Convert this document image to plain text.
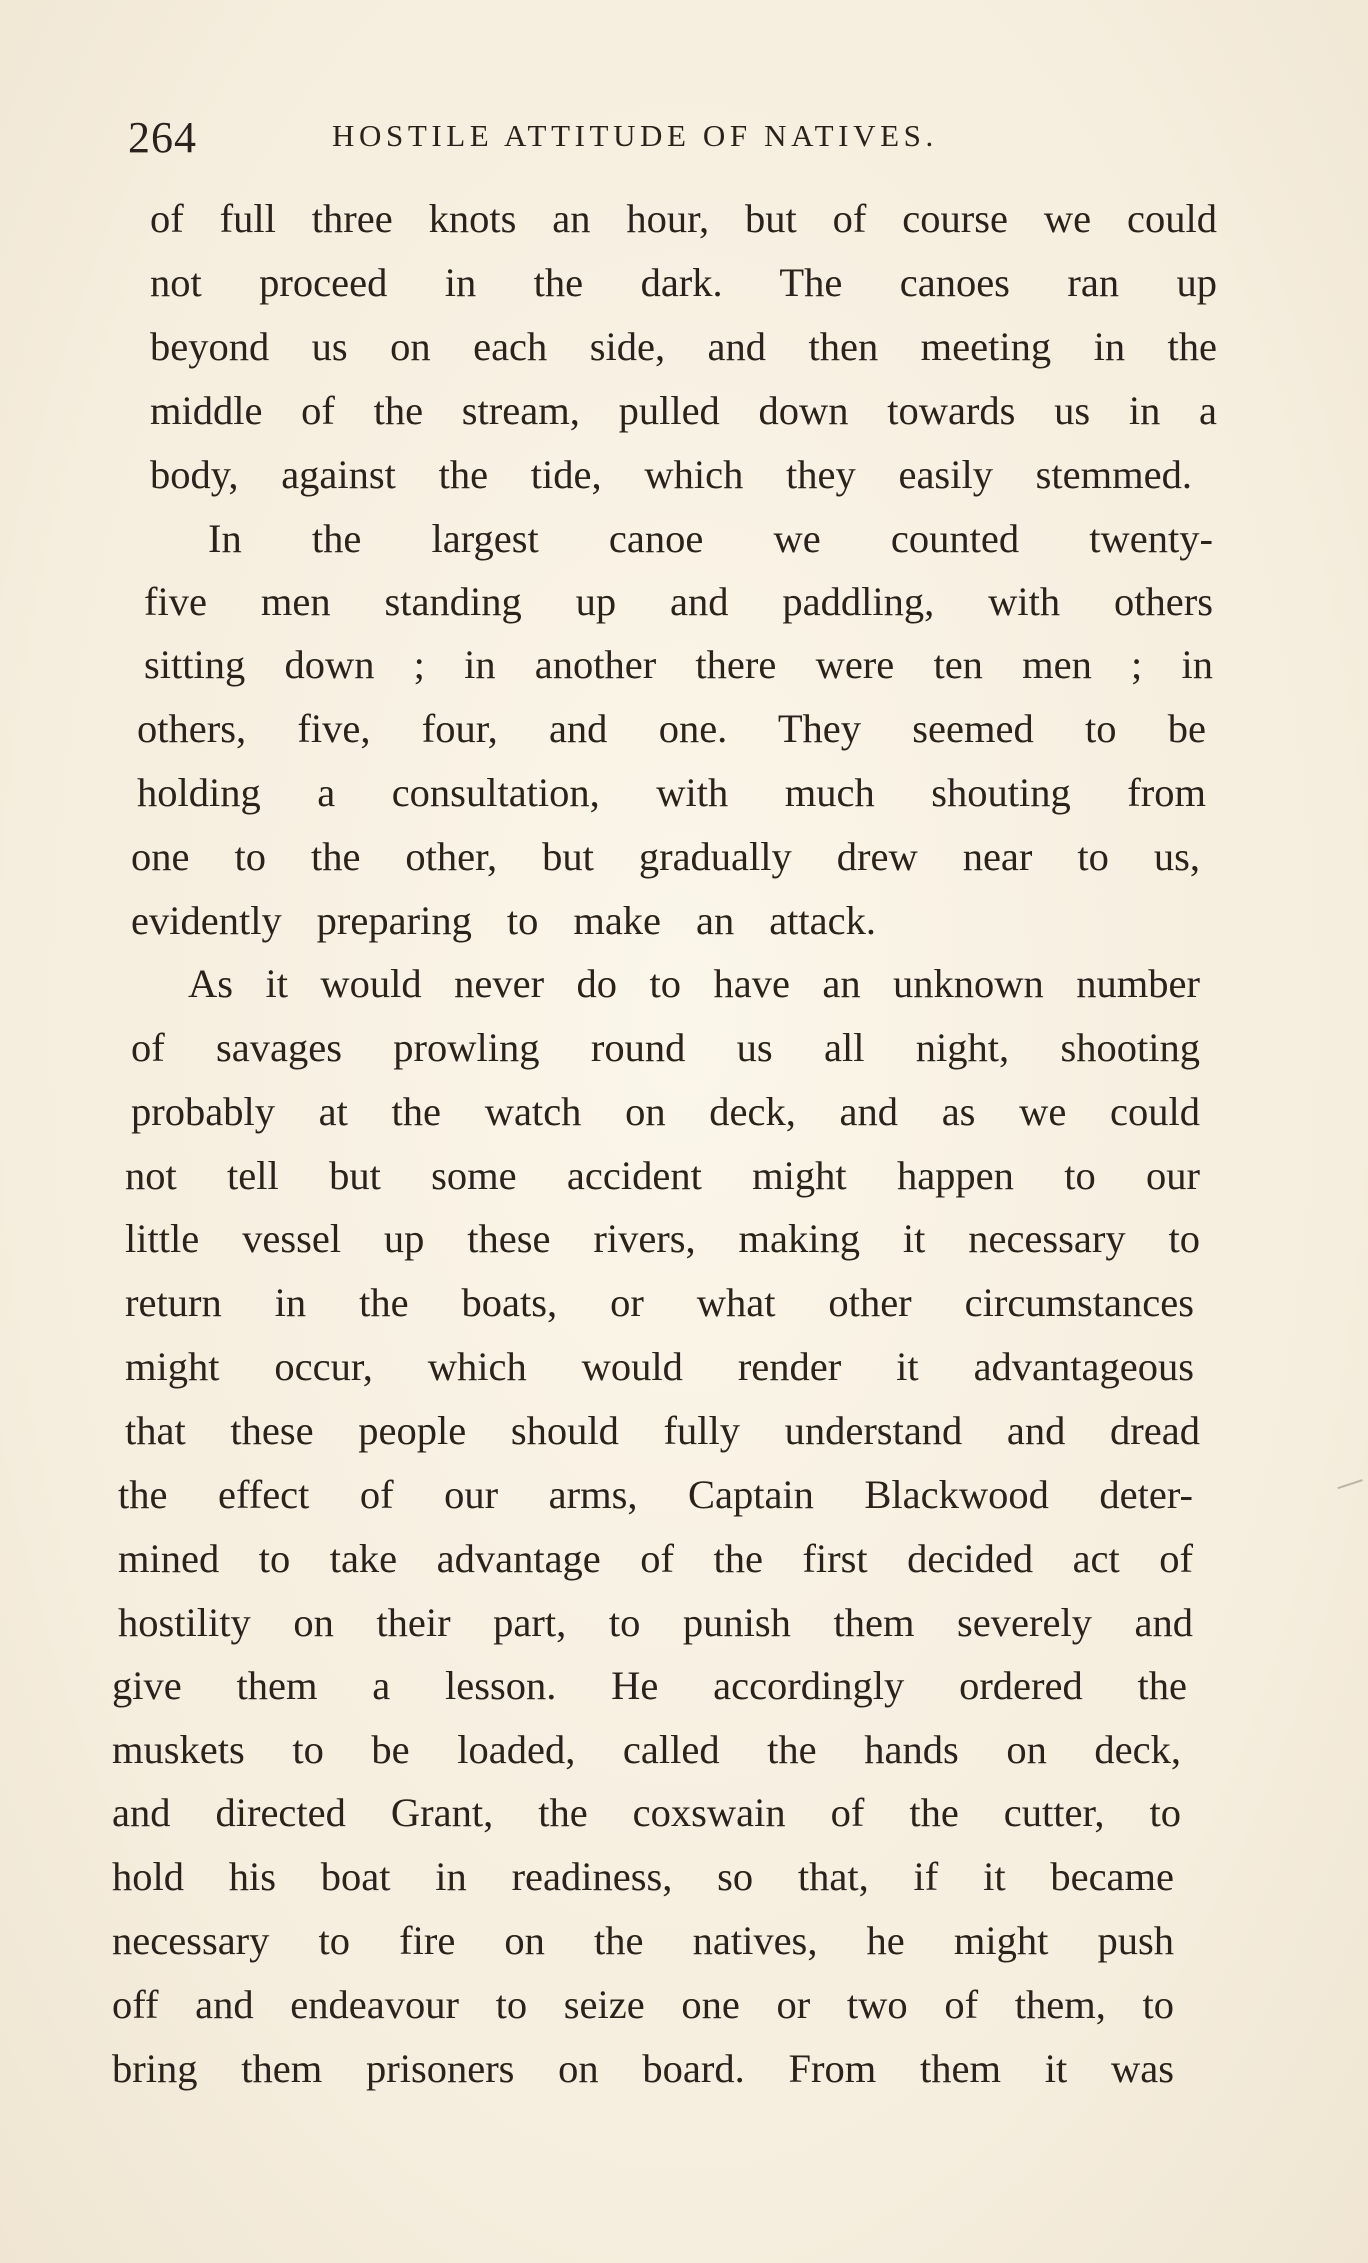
264	HOSTILE ATTITUDE OF NATIVES.
of full three knots an hour, but of course we could
not proceed in the dark. The canoes ran up
beyond us on each side, and then meeting in the
middle of the stream, pulled down towards us in a
body, against the tide, which they easily stemmed.
In the largest canoe we counted twenty-
five men standing up and paddling, with others
sitting down ; in another there were ten men ; in
others, five, four, and one. They seemed to be
holding a consultation, with much shouting from
one to the other, but gradually drew near to us,
evidently preparing to make an attack.
As it would never do to have an unknown number
of savages prowling round us all night, shooting
probably at the watch on deck, and as we could
not tell but some accident might happen to our
little vessel up these rivers, making it necessary to
return in the boats, or what other circumstances
might occur, which would render it advantageous
that these people should fully understand and dread
the effect of our arms, Captain Blackwood deter-
mined to take advantage of the first decided act of
hostility on their part, to punish them severely and
give them a lesson. He accordingly ordered the
muskets to be loaded, called the hands on deck,
and directed Grant, the coxswain of the cutter, to
hold his boat in readiness, so that, if it became
necessary to fire on the natives, he might push
off and endeavour to seize one or two of them, to
bring them prisoners on board. From them it was
